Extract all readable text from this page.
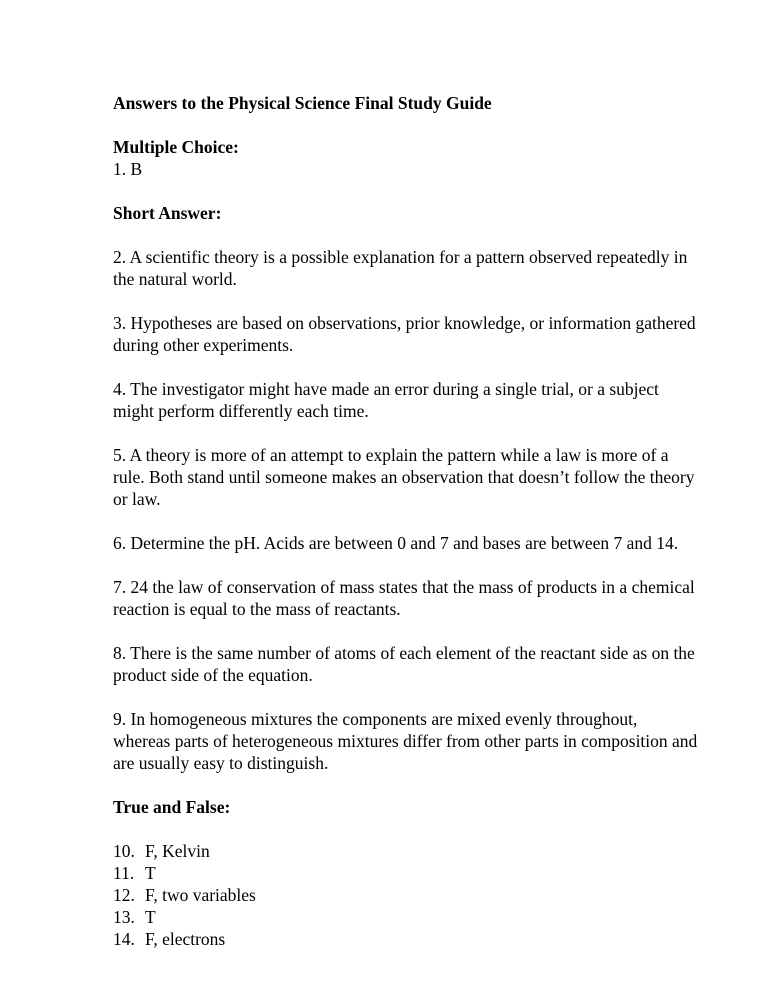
Answers to the Physical Science Final Study Guide

Multiple Choice:

1. B

Short Answer:

2. A scientific theory is a possible explanation for a pattern observed repeatedly in the natural world.

3. Hypotheses are based on observations, prior knowledge, or information gathered during other experiments.

4. The investigator might have made an error during a single trial, or a subject might perform differently each time.

5. A theory is more of an attempt to explain the pattern while a law is more of a rule. Both stand until someone makes an observation that doesn’t follow the theory or law.

6. Determine the pH. Acids are between 0 and 7 and bases are between 7 and 14.

7. 24 the law of conservation of mass states that the mass of products in a chemical reaction is equal to the mass of reactants.

8. There is the same number of atoms of each element of the reactant side as on the product side of the equation.

9. In homogeneous mixtures the components are mixed evenly throughout, whereas parts of heterogeneous mixtures differ from other parts in composition and are usually easy to distinguish.

True and False:

10. F, Kelvin
11. T
12. F, two variables
13. T
14. F, electrons
